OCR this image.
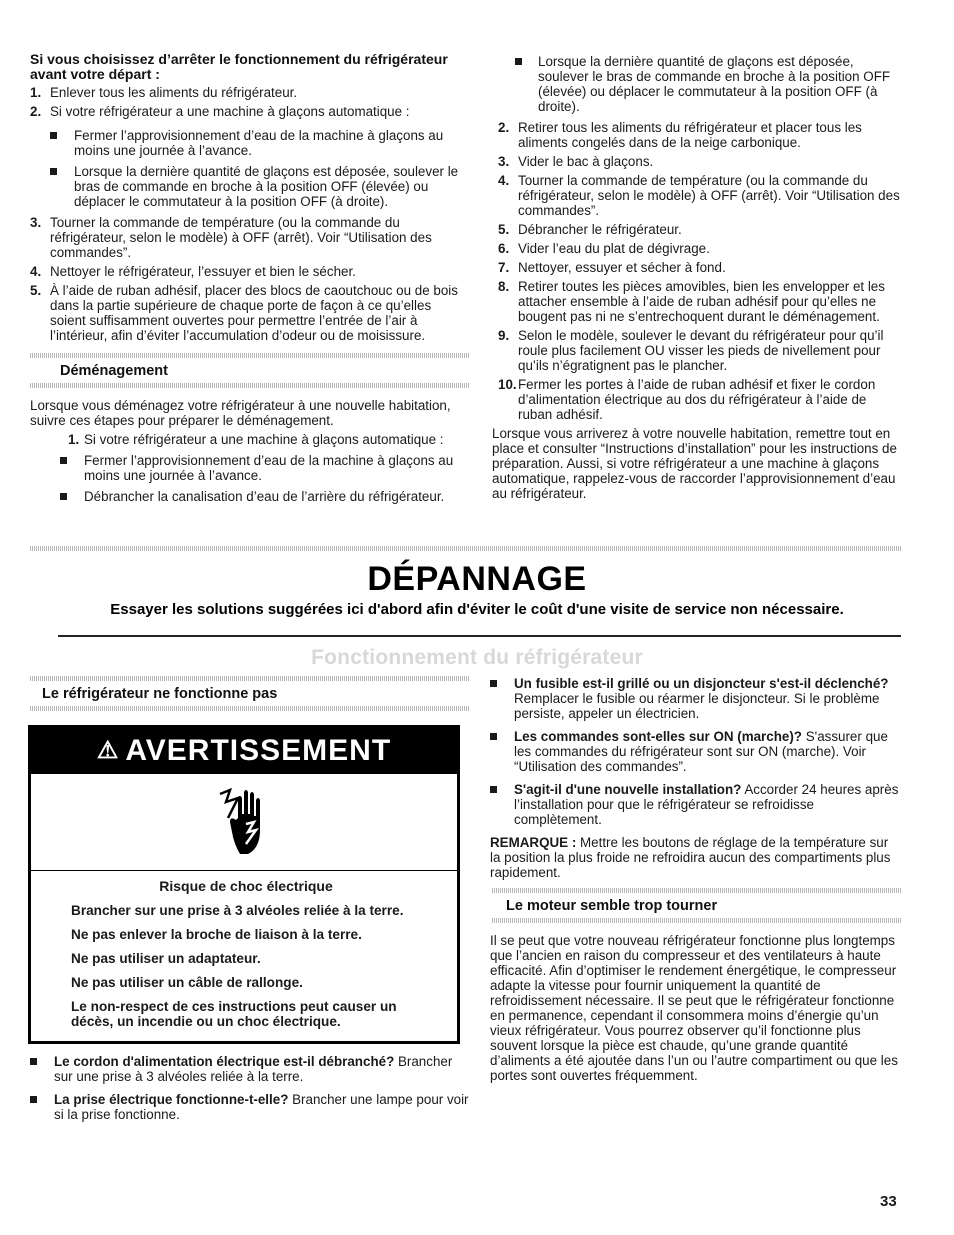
Si vous choisissez d’arrêter le fonctionnement du réfrigérateur avant votre départ :
1. Enlever tous les aliments du réfrigérateur.
2. Si votre réfrigérateur a une machine à glaçons automatique :
Fermer l’approvisionnement d’eau de la machine à glaçons au moins une journée à l’avance.
Lorsque la dernière quantité de glaçons est déposée, soulever le bras de commande en broche à la position OFF (élevée) ou déplacer le commutateur à la position OFF (à droite).
3. Tourner la commande de température (ou la commande du réfrigérateur, selon le modèle) à OFF (arrêt). Voir “Utilisation des commandes”.
4. Nettoyer le réfrigérateur, l’essuyer et bien le sécher.
5. À l’aide de ruban adhésif, placer des blocs de caoutchouc ou de bois dans la partie supérieure de chaque porte de façon à ce qu’elles soient suffisamment ouvertes pour permettre l’entrée de l’air à l’intérieur, afin d’éviter l’accumulation d’odeur ou de moisissure.
Déménagement

Lorsque vous déménagez votre réfrigérateur à une nouvelle habitation, suivre ces étapes pour préparer le déménagement.

1. Si votre réfrigérateur a une machine à glaçons automatique :
Fermer l’approvisionnement d’eau de la machine à glaçons au moins une journée à l’avance.
Débrancher la canalisation d’eau de l’arrière du réfrigérateur.
Lorsque la dernière quantité de glaçons est déposée, soulever le bras de commande en broche à la position OFF (élevée) ou déplacer le commutateur à la position OFF (à droite).
2. Retirer tous les aliments du réfrigérateur et placer tous les aliments congelés dans de la neige carbonique.
3. Vider le bac à glaçons.
4. Tourner la commande de température (ou la commande du réfrigérateur, selon le modèle) à OFF (arrêt). Voir “Utilisation des commandes”.
5. Débrancher le réfrigérateur.
6. Vider l’eau du plat de dégivrage.
7. Nettoyer, essuyer et sécher à fond.
8. Retirer toutes les pièces amovibles, bien les envelopper et les attacher ensemble à l’aide de ruban adhésif pour qu’elles ne bougent pas ni ne s’entrechoquent durant le déménagement.
9. Selon le modèle, soulever le devant du réfrigérateur pour qu’il roule plus facilement OU visser les pieds de nivellement pour qu’ils n’égratignent pas le plancher.
10. Fermer les portes à l’aide de ruban adhésif et fixer le cordon d’alimentation électrique au dos du réfrigérateur à l’aide de ruban adhésif.

Lorsque vous arriverez à votre nouvelle habitation, remettre tout en place et consulter “Instructions d’installation” pour les instructions de préparation. Aussi, si votre réfrigérateur a une machine à glaçons automatique, rappelez-vous de raccorder l’approvisionnement d’eau au réfrigérateur.

DÉPANNAGE
Essayer les solutions suggérées ici d'abord afin d'éviter le coût d'une visite de service non nécessaire.
Fonctionnement du réfrigérateur
Le réfrigérateur ne fonctionne pas
⚠ AVERTISSEMENT
Risque de choc électrique
Brancher sur une prise à 3 alvéoles reliée à la terre.
Ne pas enlever la broche de liaison à la terre.
Ne pas utiliser un adaptateur.
Ne pas utiliser un câble de rallonge.
Le non-respect de ces instructions peut causer un décès, un incendie ou un choc électrique.
Le cordon d'alimentation électrique est-il débranché? Brancher sur une prise à 3 alvéoles reliée à la terre.
La prise électrique fonctionne-t-elle? Brancher une lampe pour voir si la prise fonctionne.
Un fusible est-il grillé ou un disjoncteur s'est-il déclenché? Remplacer le fusible ou réarmer le disjoncteur. Si le problème persiste, appeler un électricien.
Les commandes sont-elles sur ON (marche)? S'assurer que les commandes du réfrigérateur sont sur ON (marche). Voir “Utilisation des commandes”.
S'agit-il d'une nouvelle installation? Accorder 24 heures après l’installation pour que le réfrigérateur se refroidisse complètement.

REMARQUE : Mettre les boutons de réglage de la température sur la position la plus froide ne refroidira aucun des compartiments plus rapidement.

Le moteur semble trop tourner

Il se peut que votre nouveau réfrigérateur fonctionne plus longtemps que l’ancien en raison du compresseur et des ventilateurs à haute efficacité. Afin d’optimiser le rendement énergétique, le compresseur adapte la vitesse pour fournir uniquement la quantité de refroidissement nécessaire. Il se peut que le réfrigérateur fonctionne en permanence, cependant il consommera moins d’énergie qu’un vieux réfrigérateur. Vous pourrez observer qu’il fonctionne plus souvent lorsque la pièce est chaude, qu’une grande quantité d’aliments a été ajoutée dans l’un ou l’autre compartiment ou que les portes sont ouvertes fréquemment.

33
